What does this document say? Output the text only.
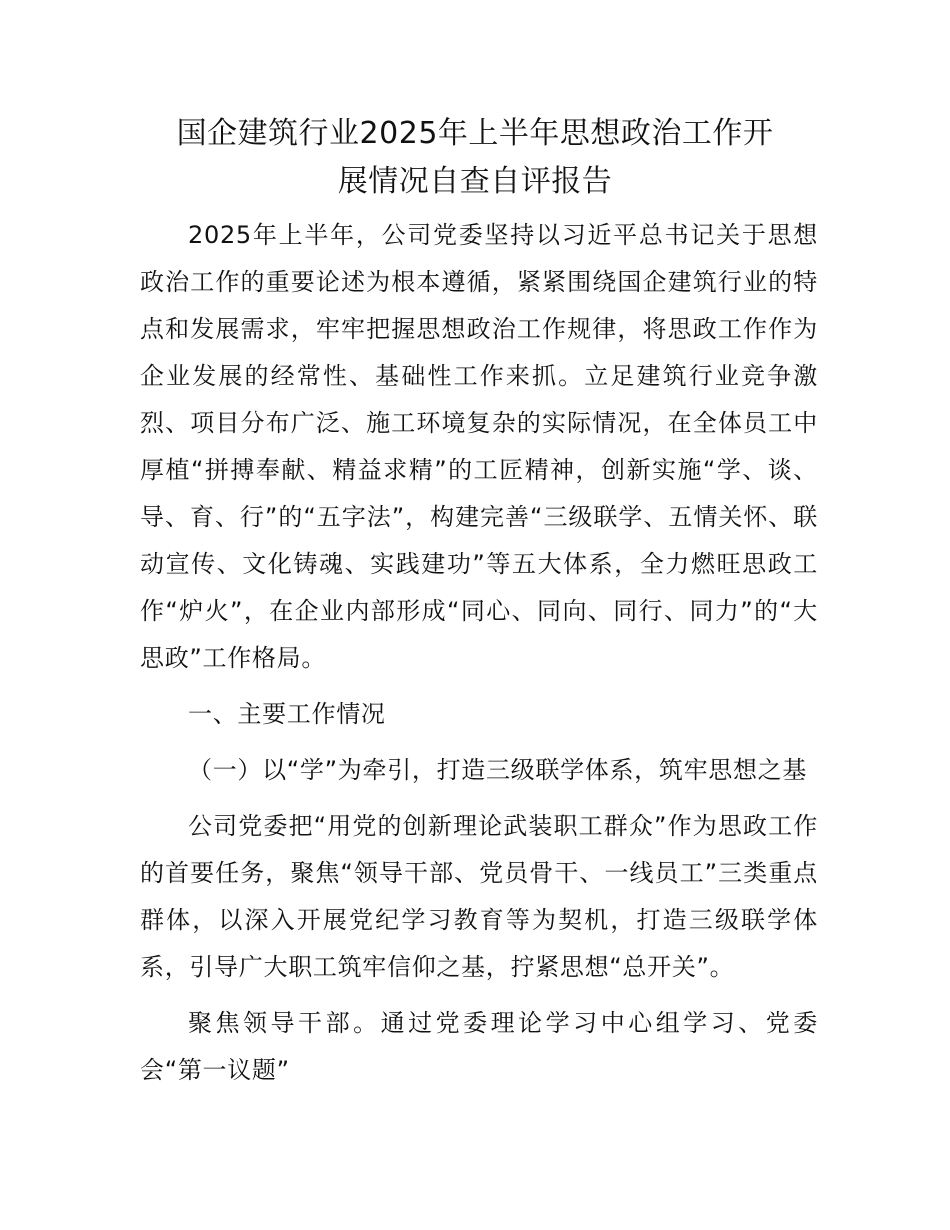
国企建筑行业2025年上半年思想政治工作开
展情况自查自评报告

2025年上半年，公司党委坚持以习近平总书记关于思想政治工作的重要论述为根本遵循，紧紧围绕国企建筑行业的特点和发展需求，牢牢把握思想政治工作规律，将思政工作作为企业发展的经常性、基础性工作来抓。立足建筑行业竞争激烈、项目分布广泛、施工环境复杂的实际情况，在全体员工中厚植“拼搏奉献、精益求精”的工匠精神，创新实施“学、谈、导、育、行”的“五字法”，构建完善“三级联学、五情关怀、联动宣传、文化铸魂、实践建功”等五大体系，全力燃旺思政工作“炉火”，在企业内部形成“同心、同向、同行、同力”的“大思政”工作格局。

一、主要工作情况

（一）以“学”为牵引，打造三级联学体系，筑牢思想之基

公司党委把“用党的创新理论武装职工群众”作为思政工作的首要任务，聚焦“领导干部、党员骨干、一线员工”三类重点群体，以深入开展党纪学习教育等为契机，打造三级联学体系，引导广大职工筑牢信仰之基，拧紧思想“总开关”。

聚焦领导干部。通过党委理论学习中心组学习、党委会“第一议题”
